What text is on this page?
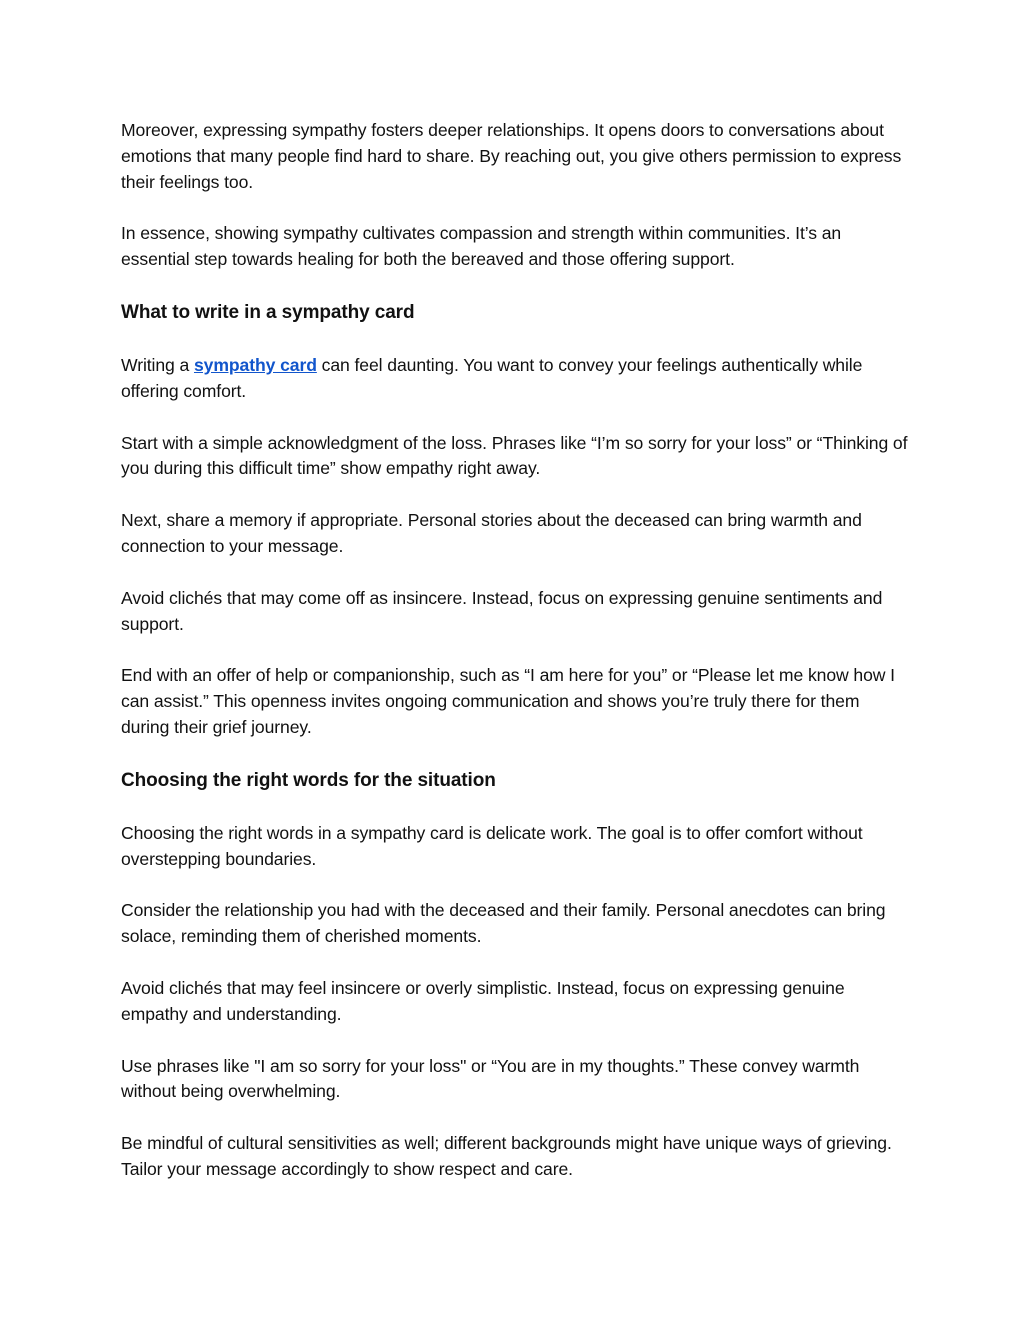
Moreover, expressing sympathy fosters deeper relationships. It opens doors to conversations about emotions that many people find hard to share. By reaching out, you give others permission to express their feelings too.

In essence, showing sympathy cultivates compassion and strength within communities. It’s an essential step towards healing for both the bereaved and those offering support.

What to write in a sympathy card

Writing a sympathy card can feel daunting. You want to convey your feelings authentically while offering comfort.

Start with a simple acknowledgment of the loss. Phrases like “I’m so sorry for your loss” or “Thinking of you during this difficult time” show empathy right away.

Next, share a memory if appropriate. Personal stories about the deceased can bring warmth and connection to your message.

Avoid clichés that may come off as insincere. Instead, focus on expressing genuine sentiments and support.

End with an offer of help or companionship, such as “I am here for you” or “Please let me know how I can assist.” This openness invites ongoing communication and shows you’re truly there for them during their grief journey.

Choosing the right words for the situation

Choosing the right words in a sympathy card is delicate work. The goal is to offer comfort without overstepping boundaries.

Consider the relationship you had with the deceased and their family. Personal anecdotes can bring solace, reminding them of cherished moments.

Avoid clichés that may feel insincere or overly simplistic. Instead, focus on expressing genuine empathy and understanding.

Use phrases like "I am so sorry for your loss" or “You are in my thoughts.” These convey warmth without being overwhelming.

Be mindful of cultural sensitivities as well; different backgrounds might have unique ways of grieving. Tailor your message accordingly to show respect and care.
